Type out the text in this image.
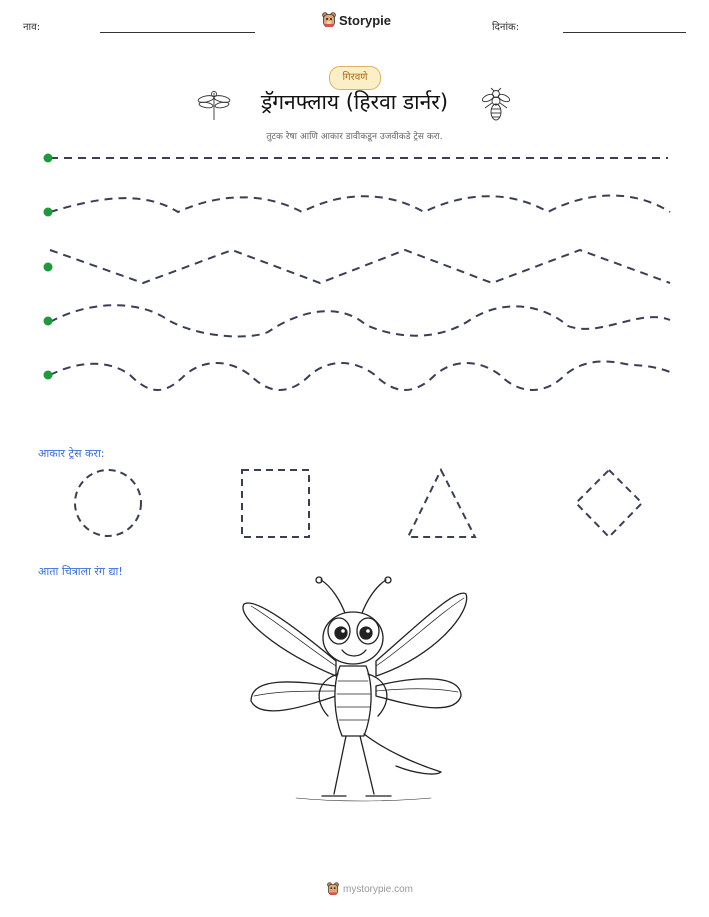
नाव:	Storypie	दिनांक:
गिरवणे
ड्रॅगनफ्लाय (हिरवा डार्नर)
तुटक रेषा आणि आकार डावीकडून उजवीकडे ट्रेस करा.
आकार ट्रेस करा:
आता चित्राला रंग द्या!
mystorypie.com
